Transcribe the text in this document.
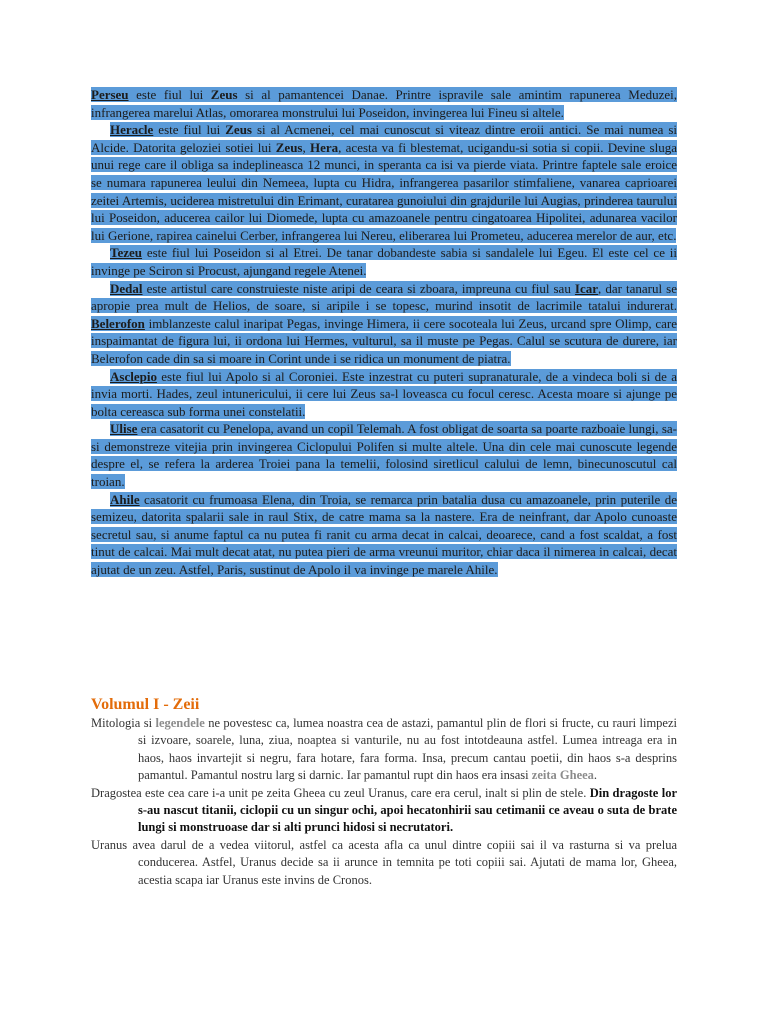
Perseu este fiul lui Zeus si al pamantencei Danae. Printre ispravile sale amintim rapunerea Meduzei, infrangerea marelui Atlas, omorarea monstrului lui Poseidon, invingerea lui Fineu si altele.

Heracle este fiul lui Zeus si al Acmenei, cel mai cunoscut si viteaz dintre eroii antici. Se mai numea si Alcide. Datorita geloziei sotiei lui Zeus, Hera, acesta va fi blestemat, ucigandu-si sotia si copii. Devine sluga unui rege care il obliga sa indeplineasca 12 munci, in speranta ca isi va pierde viata. Printre faptele sale eroice se numara rapunerea leului din Nemeea, lupta cu Hidra, infrangerea pasarilor stimfaliene, vanarea caprioarei zeitei Artemis, uciderea mistretului din Erimant, curatarea gunoiului din grajdurile lui Augias, prinderea taurului lui Poseidon, aducerea cailor lui Diomede, lupta cu amazoanele pentru cingatoarea Hipolitei, adunarea vacilor lui Gerione, rapirea cainelui Cerber, infrangerea lui Nereu, eliberarea lui Prometeu, aducerea merelor de aur, etc.

Tezeu este fiul lui Poseidon si al Etrei. De tanar dobandeste sabia si sandalele lui Egeu. El este cel ce ii invinge pe Sciron si Procust, ajungand regele Atenei.

Dedal este artistul care construieste niste aripi de ceara si zboara, impreuna cu fiul sau Icar, dar tanarul se apropie prea mult de Helios, de soare, si aripile i se topesc, murind insotit de lacrimile tatalui indurerat. Belerofon imblanzeste calul inaripat Pegas, invinge Himera, ii cere socoteala lui Zeus, urcand spre Olimp, care inspaimantat de figura lui, ii ordona lui Hermes, vulturul, sa il muste pe Pegas. Calul se scutura de durere, iar Belerofon cade din sa si moare in Corint unde i se ridica un monument de piatra.

Asclepio este fiul lui Apolo si al Coroniei. Este inzestrat cu puteri supranaturale, de a vindeca boli si de a invia morti. Hades, zeul intunericului, ii cere lui Zeus sa-l loveasca cu focul ceresc. Acesta moare si ajunge pe bolta cereasca sub forma unei constelatii.

Ulise era casatorit cu Penelopa, avand un copil Telemah. A fost obligat de soarta sa poarte razboaie lungi, sa-si demonstreze vitejia prin invingerea Ciclopului Polifen si multe altele. Una din cele mai cunoscute legende despre el, se refera la arderea Troiei pana la temelii, folosind siretlicul calului de lemn, binecunoscutul cal troian.

Ahile casatorit cu frumoasa Elena, din Troia, se remarca prin batalia dusa cu amazoanele, prin puterile de semizeu, datorita spalarii sale in raul Stix, de catre mama sa la nastere. Era de neinfrant, dar Apolo cunoaste secretul sau, si anume faptul ca nu putea fi ranit cu arma decat in calcai, deoarece, cand a fost scaldat, a fost tinut de calcai. Mai mult decat atat, nu putea pieri de arma vreunui muritor, chiar daca il nimerea in calcai, decat ajutat de un zeu. Astfel, Paris, sustinut de Apolo il va invinge pe marele Ahile.

Volumul I - Zeii

Mitologia si legendele ne povestesc ca, lumea noastra cea de astazi, pamantul plin de flori si fructe, cu rauri limpezi si izvoare, soarele, luna, ziua, noaptea si vanturile, nu au fost intotdeauna astfel. Lumea intreaga era in haos, haos invartejit si negru, fara hotare, fara forma. Insa, precum cantau poetii, din haos s-a desprins pamantul. Pamantul nostru larg si darnic. Iar pamantul rupt din haos era insasi zeita Gheea.

Dragostea este cea care i-a unit pe zeita Gheea cu zeul Uranus, care era cerul, inalt si plin de stele. Din dragoste lor s-au nascut titanii, ciclopii cu un singur ochi, apoi hecatonhirii sau cetimanii ce aveau o suta de brate lungi si monstruoase dar si alti prunci hidosi si necrutatori.

Uranus avea darul de a vedea viitorul, astfel ca acesta afla ca unul dintre copiii sai il va rasturna si va prelua conducerea. Astfel, Uranus decide sa ii arunce in temnita pe toti copiii sai. Ajutati de mama lor, Gheea, acestia scapa iar Uranus este invins de Cronos.
